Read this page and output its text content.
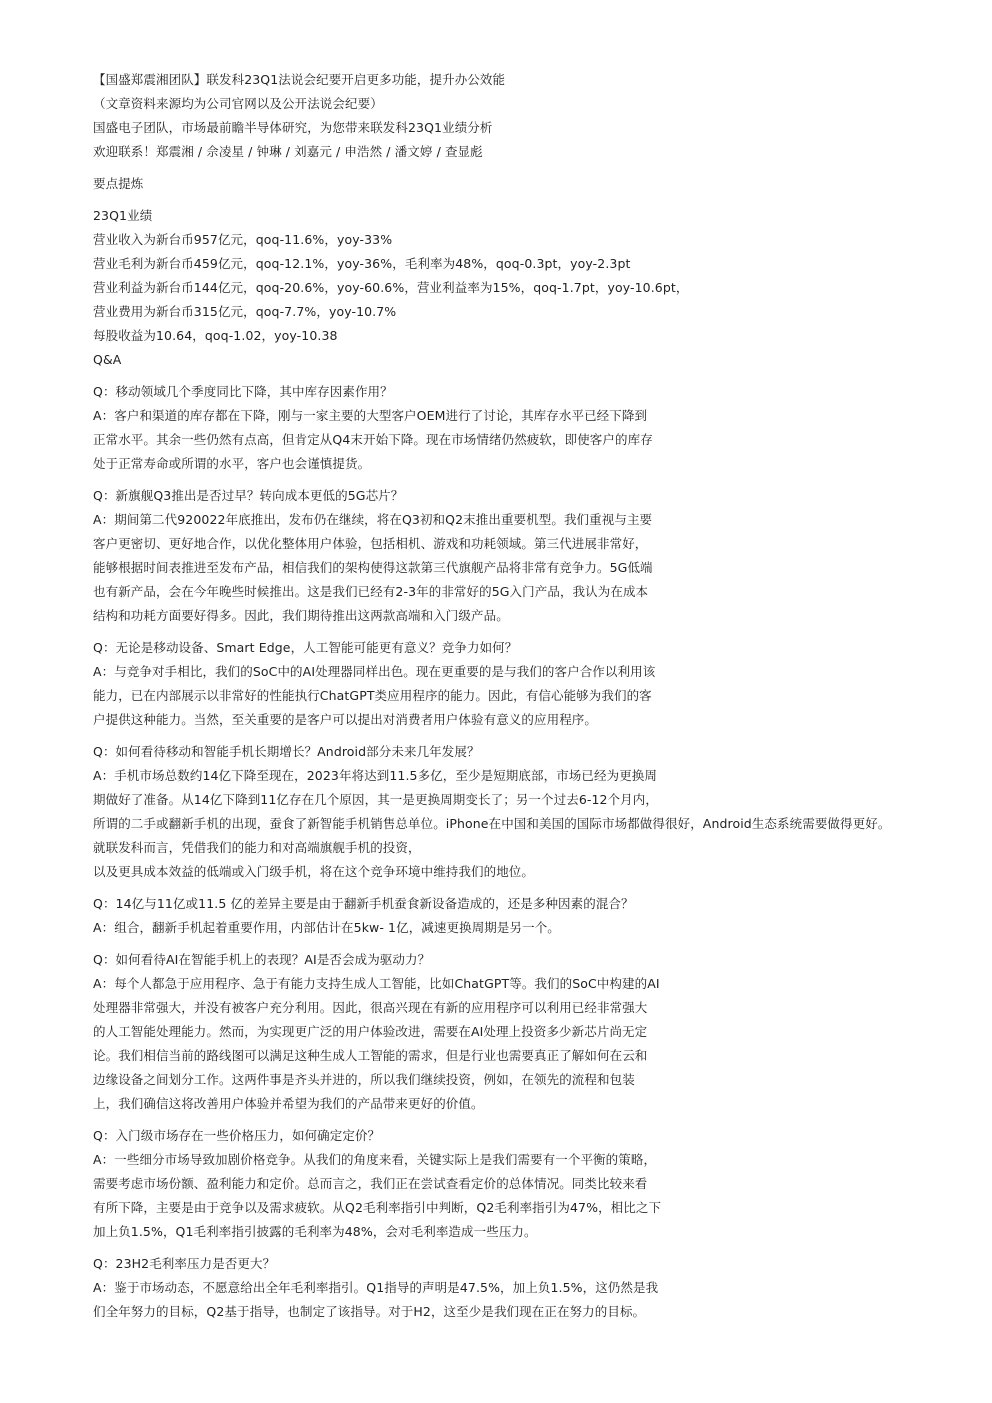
【国盛郑震湘团队】联发科23Q1法说会纪要开启更多功能，提升办公效能
（文章资料来源均为公司官网以及公开法说会纪要）
国盛电子团队，市场最前瞻半导体研究，为您带来联发科23Q1业绩分析
欢迎联系！郑震湘 / 佘凌星 / 钟琳 / 刘嘉元 / 申浩然 / 潘文婷 / 查显彪
要点提炼
23Q1业绩
营业收入为新台币957亿元，qoq-11.6%，yoy-33%
营业毛利为新台币459亿元，qoq-12.1%，yoy-36%，毛利率为48%，qoq-0.3pt，yoy-2.3pt
营业利益为新台币144亿元，qoq-20.6%，yoy-60.6%，营业利益率为15%，qoq-1.7pt，yoy-10.6pt，
营业费用为新台币315亿元，qoq-7.7%，yoy-10.7%
每股收益为10.64，qoq-1.02，yoy-10.38
Q&A
Q：移动领域几个季度同比下降，其中库存因素作用？
A：客户和渠道的库存都在下降，刚与一家主要的大型客户OEM进行了讨论，其库存水平已经下降到
正常水平。其余一些仍然有点高，但肯定从Q4末开始下降。现在市场情绪仍然疲软，即使客户的库存
处于正常寿命或所谓的水平，客户也会谨慎提货。
Q：新旗舰Q3推出是否过早？转向成本更低的5G芯片？
A：期间第二代920022年底推出，发布仍在继续，将在Q3初和Q2末推出重要机型。我们重视与主要
客户更密切、更好地合作，以优化整体用户体验，包括相机、游戏和功耗领域。第三代进展非常好，
能够根据时间表推进至发布产品，相信我们的架构使得这款第三代旗舰产品将非常有竞争力。5G低端
也有新产品，会在今年晚些时候推出。这是我们已经有2-3年的非常好的5G入门产品，我认为在成本
结构和功耗方面要好得多。因此，我们期待推出这两款高端和入门级产品。
Q：无论是移动设备、Smart Edge，人工智能可能更有意义？竞争力如何？
A：与竞争对手相比，我们的SoC中的AI处理器同样出色。现在更重要的是与我们的客户合作以利用该
能力，已在内部展示以非常好的性能执行ChatGPT类应用程序的能力。因此，有信心能够为我们的客
户提供这种能力。当然，至关重要的是客户可以提出对消费者用户体验有意义的应用程序。
Q：如何看待移动和智能手机长期增长？Android部分未来几年发展？
A：手机市场总数约14亿下降至现在，2023年将达到11.5多亿，至少是短期底部，市场已经为更换周
期做好了准备。从14亿下降到11亿存在几个原因，其一是更换周期变长了；另一个过去6-12个月内，
所谓的二手或翻新手机的出现，蚕食了新智能手机销售总单位。iPhone在中国和美国的国际市场都做得很好，Android生态系统需要做得更好。
就联发科而言，凭借我们的能力和对高端旗舰手机的投资，
以及更具成本效益的低端或入门级手机，将在这个竞争环境中维持我们的地位。
Q：14亿与11亿或11.5 亿的差异主要是由于翻新手机蚕食新设备造成的，还是多种因素的混合？
A：组合，翻新手机起着重要作用，内部估计在5kw- 1亿，减速更换周期是另一个。
Q：如何看待AI在智能手机上的表现？AI是否会成为驱动力？
A：每个人都急于应用程序、急于有能力支持生成人工智能，比如ChatGPT等。我们的SoC中构建的AI
处理器非常强大，并没有被客户充分利用。因此，很高兴现在有新的应用程序可以利用已经非常强大
的人工智能处理能力。然而，为实现更广泛的用户体验改进，需要在AI处理上投资多少新芯片尚无定
论。我们相信当前的路线图可以满足这种生成人工智能的需求，但是行业也需要真正了解如何在云和
边缘设备之间划分工作。这两件事是齐头并进的，所以我们继续投资，例如，在领先的流程和包装
上，我们确信这将改善用户体验并希望为我们的产品带来更好的价值。
Q：入门级市场存在一些价格压力，如何确定定价？
A：一些细分市场导致加剧价格竞争。从我们的角度来看，关键实际上是我们需要有一个平衡的策略，
需要考虑市场份额、盈利能力和定价。总而言之，我们正在尝试查看定价的总体情况。同类比较来看
有所下降，主要是由于竞争以及需求疲软。从Q2毛利率指引中判断，Q2毛利率指引为47%，相比之下
加上负1.5%，Q1毛利率指引披露的毛利率为48%，会对毛利率造成一些压力。
Q：23H2毛利率压力是否更大？
A：鉴于市场动态，不愿意给出全年毛利率指引。Q1指导的声明是47.5%，加上负1.5%，这仍然是我
们全年努力的目标，Q2基于指导，也制定了该指导。对于H2，这至少是我们现在正在努力的目标。
